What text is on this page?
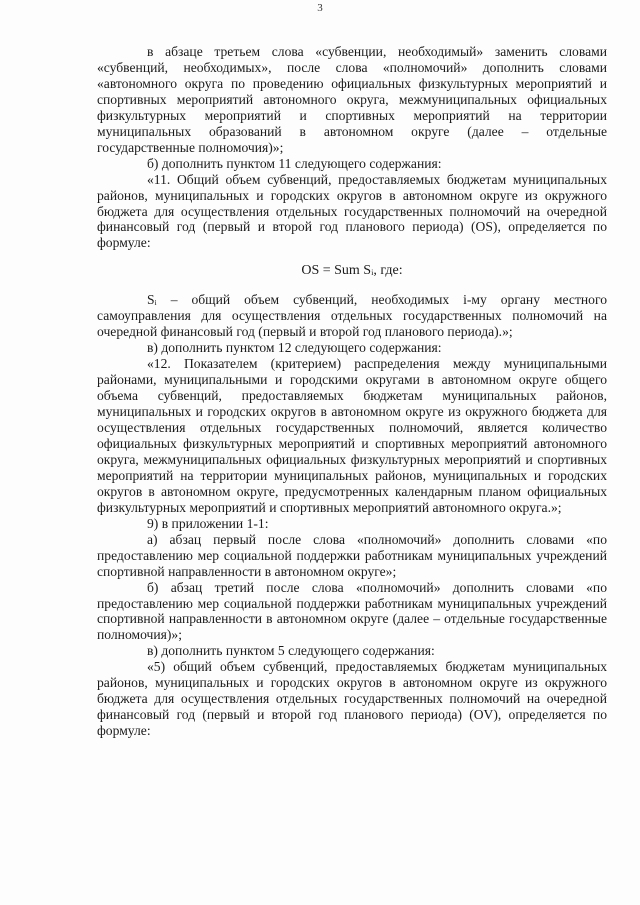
3

в абзаце третьем слова «субвенции, необходимый» заменить словами «субвенций, необходимых», после слова «полномочий» дополнить словами «автономного округа по проведению официальных физкультурных мероприятий и спортивных мероприятий автономного округа, межмуниципальных официальных физкультурных мероприятий и спортивных мероприятий на территории муниципальных образований в автономном округе (далее – отдельные государственные полномочия)»;

б) дополнить пунктом 11 следующего содержания:

«11. Общий объем субвенций, предоставляемых бюджетам муниципальных районов, муниципальных и городских округов в автономном округе из окружного бюджета для осуществления отдельных государственных полномочий на очередной финансовый год (первый и второй год планового периода) (OS), определяется по формуле:

OS = Sum Sᵢ, где:

Sᵢ – общий объем субвенций, необходимых i-му органу местного самоуправления для осуществления отдельных государственных полномочий на очередной финансовый год (первый и второй год планового периода).»;

в) дополнить пунктом 12 следующего содержания:

«12. Показателем (критерием) распределения между муниципальными районами, муниципальными и городскими округами в автономном округе общего объема субвенций, предоставляемых бюджетам муниципальных районов, муниципальных и городских округов в автономном округе из окружного бюджета для осуществления отдельных государственных полномочий, является количество официальных физкультурных мероприятий и спортивных мероприятий автономного округа, межмуниципальных официальных физкультурных мероприятий и спортивных мероприятий на территории муниципальных районов, муниципальных и городских округов в автономном округе, предусмотренных календарным планом официальных физкультурных мероприятий и спортивных мероприятий автономного округа.»;

9) в приложении 1-1:

а) абзац первый после слова «полномочий» дополнить словами «по предоставлению мер социальной поддержки работникам муниципальных учреждений спортивной направленности в автономном округе»;

б) абзац третий после слова «полномочий» дополнить словами «по предоставлению мер социальной поддержки работникам муниципальных учреждений спортивной направленности в автономном округе (далее – отдельные государственные полномочия)»;

в) дополнить пунктом 5 следующего содержания:

«5) общий объем субвенций, предоставляемых бюджетам муниципальных районов, муниципальных и городских округов в автономном округе из окружного бюджета для осуществления отдельных государственных полномочий на очередной финансовый год (первый и второй год планового периода) (OV), определяется по формуле:
